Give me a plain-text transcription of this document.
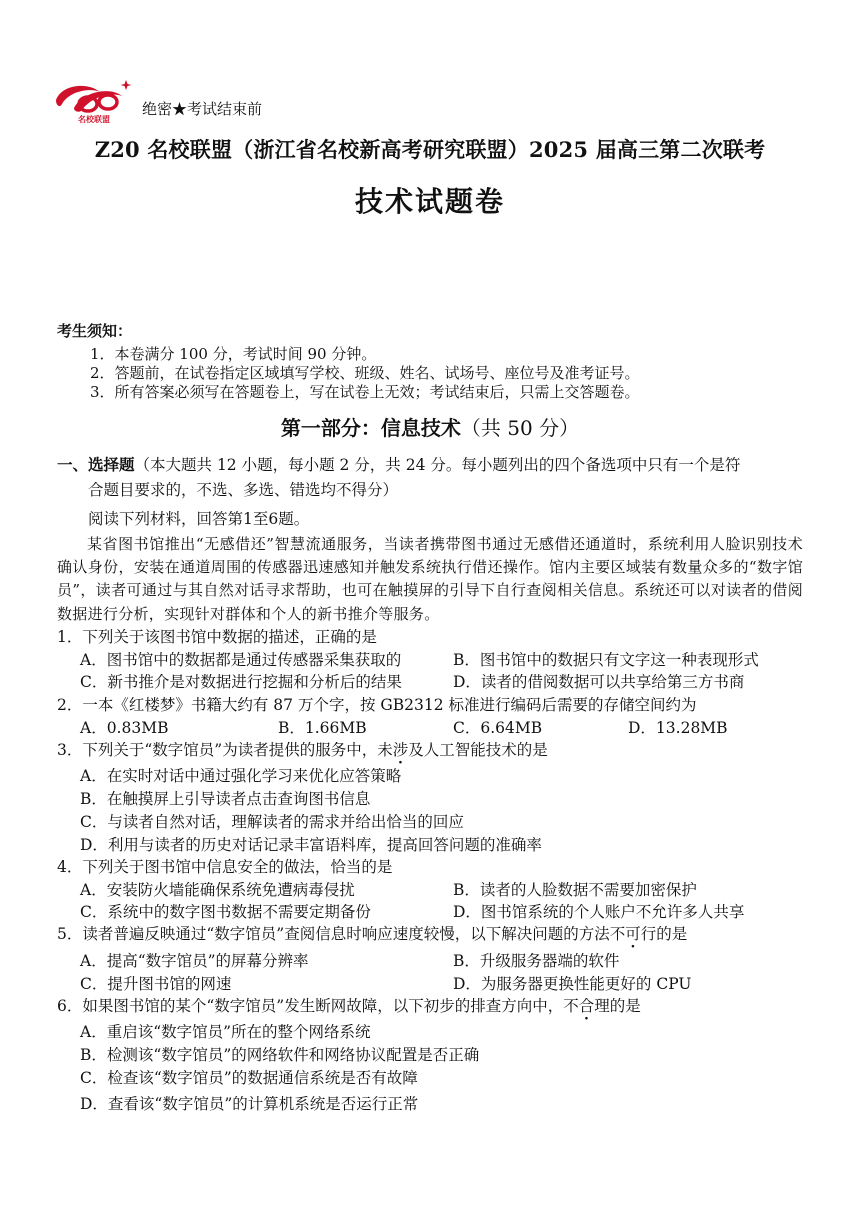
名校联盟
绝密★考试结束前
Z20 名校联盟（浙江省名校新高考研究联盟）2025 届高三第二次联考
技术试题卷
考生须知：
1．本卷满分 100 分，考试时间 90 分钟。
2．答题前，在试卷指定区域填写学校、班级、姓名、试场号、座位号及准考证号。
3．所有答案必须写在答题卷上，写在试卷上无效；考试结束后，只需上交答题卷。
第一部分：信息技术（共 50 分）
一、选择题（本大题共 12 小题，每小题 2 分，共 24 分。每小题列出的四个备选项中只有一个是符
合题目要求的，不选、多选、错选均不得分）
阅读下列材料，回答第1至6题。
某省图书馆推出“无感借还”智慧流通服务，当读者携带图书通过无感借还通道时，系统利用人脸识别技术确认身份，安装在通道周围的传感器迅速感知并触发系统执行借还操作。馆内主要区域装有数量众多的“数字馆员”，读者可通过与其自然对话寻求帮助，也可在触摸屏的引导下自行查阅相关信息。系统还可以对读者的借阅数据进行分析，实现针对群体和个人的新书推介等服务。
1．下列关于该图书馆中数据的描述，正确的是
A．图书馆中的数据都是通过传感器采集获取的	B．图书馆中的数据只有文字这一种表现形式
C．新书推介是对数据进行挖掘和分析后的结果	D．读者的借阅数据可以共享给第三方书商
2．一本《红楼梦》书籍大约有 87 万个字，按 GB2312 标准进行编码后需要的存储空间约为
A．0.83MB	B．1.66MB	C．6.64MB	D．13.28MB
3．下列关于“数字馆员”为读者提供的服务中，未涉及人工智能技术的是
A．在实时对话中通过强化学习来优化应答策略
B．在触摸屏上引导读者点击查询图书信息
C．与读者自然对话，理解读者的需求并给出恰当的回应
D．利用与读者的历史对话记录丰富语料库，提高回答问题的准确率
4．下列关于图书馆中信息安全的做法，恰当的是
A．安装防火墙能确保系统免遭病毒侵扰	B．读者的人脸数据不需要加密保护
C．系统中的数字图书数据不需要定期备份	D．图书馆系统的个人账户不允许多人共享
5．读者普遍反映通过“数字馆员”查阅信息时响应速度较慢，以下解决问题的方法不可行的是
A．提高“数字馆员”的屏幕分辨率	B．升级服务器端的软件
C．提升图书馆的网速	D．为服务器更换性能更好的 CPU
6．如果图书馆的某个“数字馆员”发生断网故障，以下初步的排查方向中，不合理的是
A．重启该“数字馆员”所在的整个网络系统
B．检测该“数字馆员”的网络软件和网络协议配置是否正确
C．检查该“数字馆员”的数据通信系统是否有故障
D．查看该“数字馆员”的计算机系统是否运行正常
